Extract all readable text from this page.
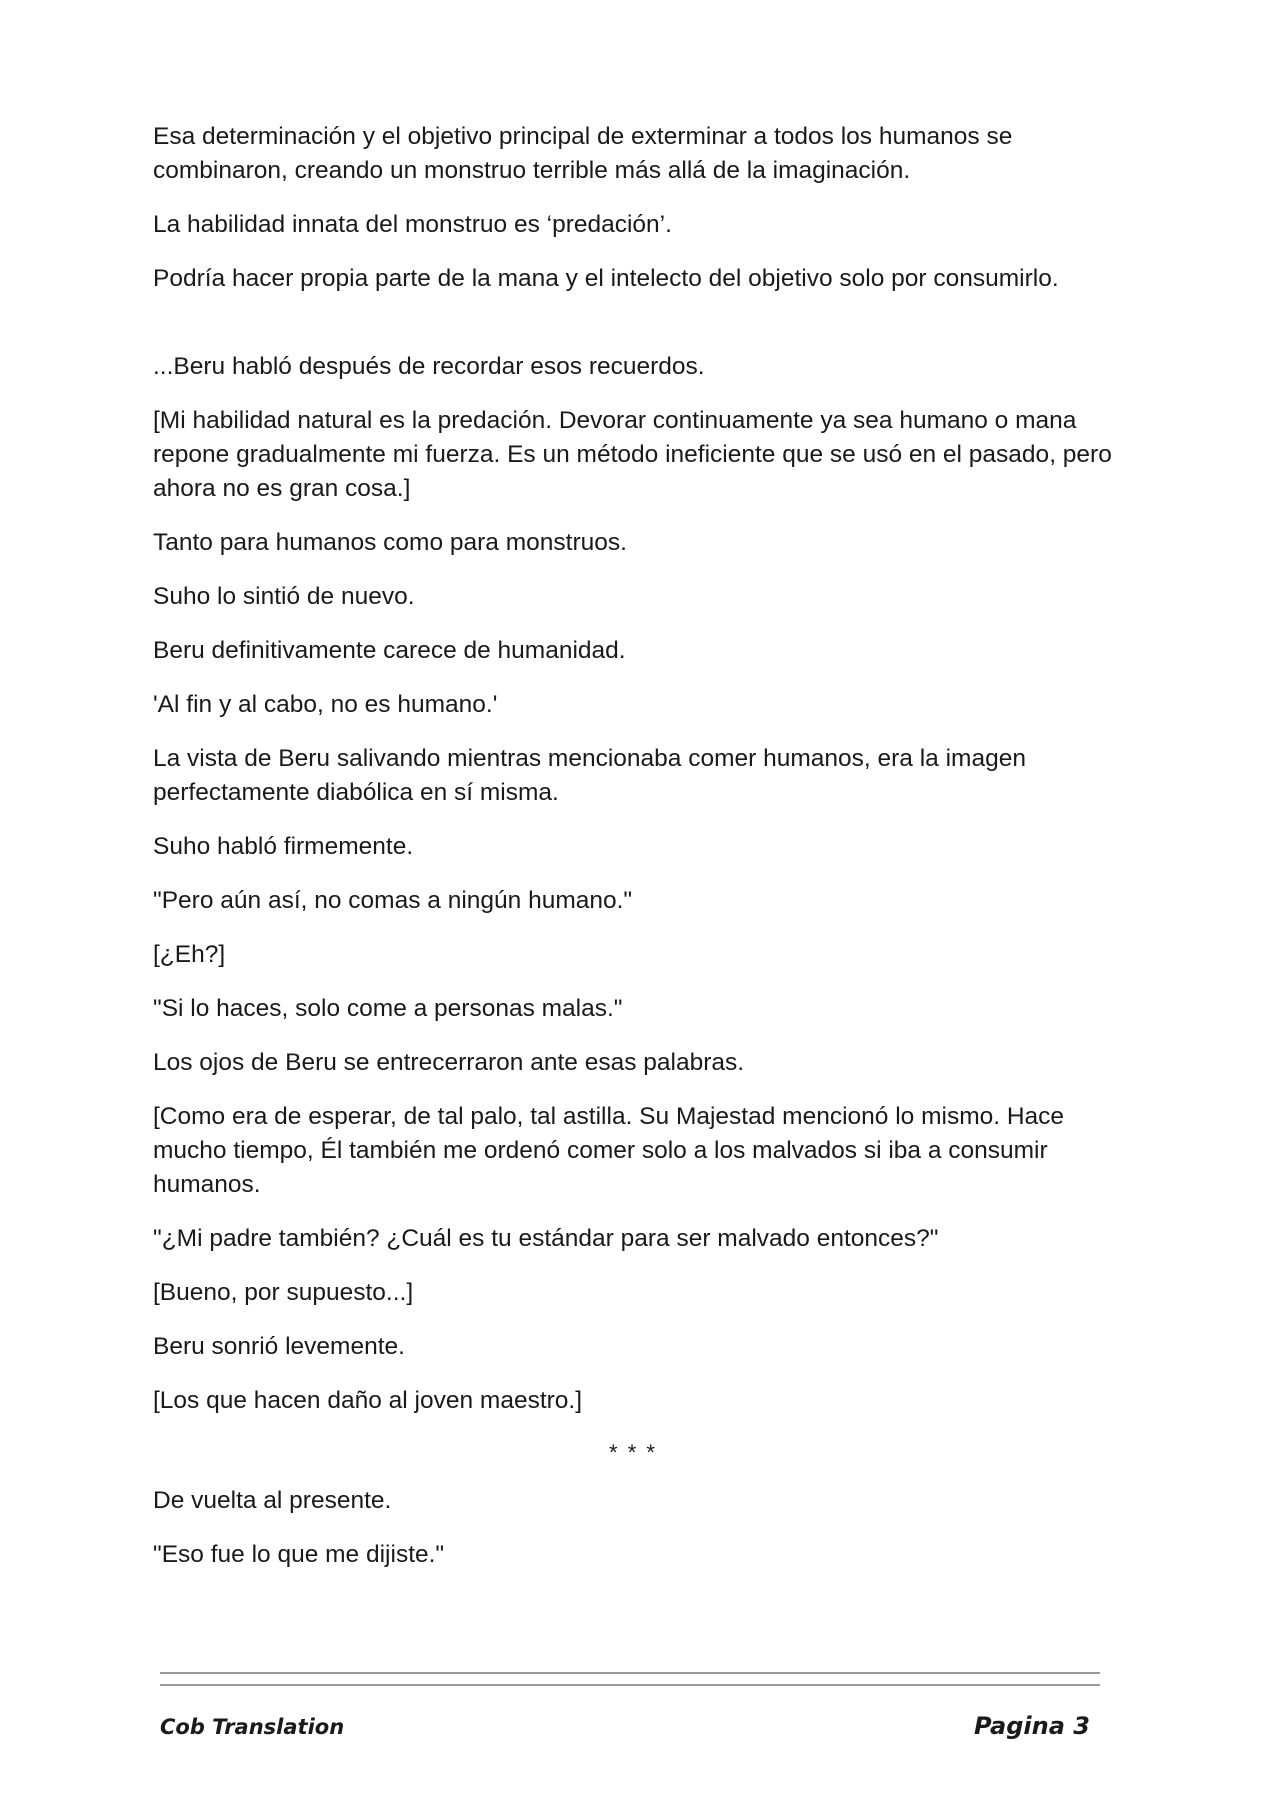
Esa determinación y el objetivo principal de exterminar a todos los humanos se combinaron, creando un monstruo terrible más allá de la imaginación.

La habilidad innata del monstruo es ‘predación’.

Podría hacer propia parte de la mana y el intelecto del objetivo solo por consumirlo.

...Beru habló después de recordar esos recuerdos.

[Mi habilidad natural es la predación. Devorar continuamente ya sea humano o mana repone gradualmente mi fuerza. Es un método ineficiente que se usó en el pasado, pero ahora no es gran cosa.]

Tanto para humanos como para monstruos.

Suho lo sintió de nuevo.

Beru definitivamente carece de humanidad.

'Al fin y al cabo, no es humano.'

La vista de Beru salivando mientras mencionaba comer humanos, era la imagen perfectamente diabólica en sí misma.

Suho habló firmemente.

"Pero aún así, no comas a ningún humano."

[¿Eh?]

"Si lo haces, solo come a personas malas."

Los ojos de Beru se entrecerraron ante esas palabras.

[Como era de esperar, de tal palo, tal astilla. Su Majestad mencionó lo mismo. Hace mucho tiempo, Él también me ordenó comer solo a los malvados si iba a consumir humanos.

"¿Mi padre también? ¿Cuál es tu estándar para ser malvado entonces?"

[Bueno, por supuesto...]

Beru sonrió levemente.

[Los que hacen daño al joven maestro.]

* * *

De vuelta al presente.

"Eso fue lo que me dijiste."

Cob Translation	Pagina 3
